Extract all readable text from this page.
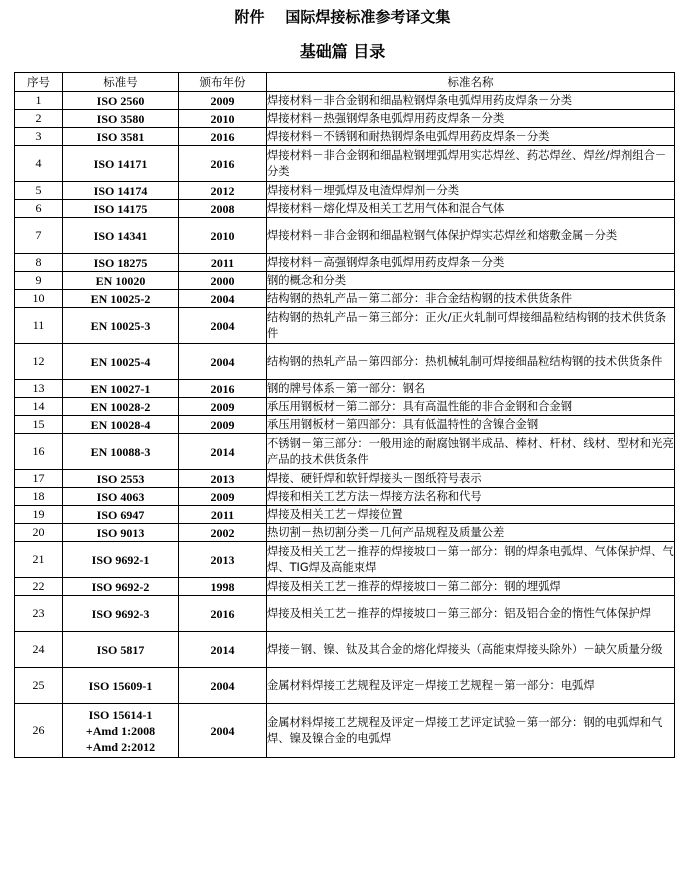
附件    国际焊接标准参考译文集
基础篇 目录
序号	标准号	颁布年份	标准名称
1	ISO 2560	2009	焊接材料－非合金钢和细晶粒钢焊条电弧焊用药皮焊条－分类
2	ISO 3580	2010	焊接材料－热强钢焊条电弧焊用药皮焊条－分类
3	ISO 3581	2016	焊接材料－不锈钢和耐热钢焊条电弧焊用药皮焊条－分类
4	ISO 14171	2016	焊接材料－非合金钢和细晶粒钢埋弧焊用实芯焊丝、药芯焊丝、焊丝/焊剂组合－分类
5	ISO 14174	2012	焊接材料－埋弧焊及电渣焊焊剂－分类
6	ISO 14175	2008	焊接材料－熔化焊及相关工艺用气体和混合气体
7	ISO 14341	2010	焊接材料－非合金钢和细晶粒钢气体保护焊实芯焊丝和熔敷金属－分类
8	ISO 18275	2011	焊接材料－高强钢焊条电弧焊用药皮焊条－分类
9	EN 10020	2000	钢的概念和分类
10	EN 10025-2	2004	结构钢的热轧产品－第二部分：非合金结构钢的技术供货条件
11	EN 10025-3	2004	结构钢的热轧产品－第三部分：正火/正火轧制可焊接细晶粒结构钢的技术供货条件
12	EN 10025-4	2004	结构钢的热轧产品－第四部分：热机械轧制可焊接细晶粒结构钢的技术供货条件
13	EN 10027-1	2016	钢的牌号体系－第一部分：钢名
14	EN 10028-2	2009	承压用钢板材－第二部分：具有高温性能的非合金钢和合金钢
15	EN 10028-4	2009	承压用钢板材－第四部分：具有低温特性的含镍合金钢
16	EN 10088-3	2014	不锈钢－第三部分：一般用途的耐腐蚀钢半成品、棒材、杆材、线材、型材和光亮产品的技术供货条件
17	ISO 2553	2013	焊接、硬钎焊和软钎焊接头－图纸符号表示
18	ISO 4063	2009	焊接和相关工艺方法－焊接方法名称和代号
19	ISO 6947	2011	焊接及相关工艺－焊接位置
20	ISO 9013	2002	热切割－热切割分类－几何产品规程及质量公差
21	ISO 9692-1	2013	焊接及相关工艺－推荐的焊接坡口－第一部分：钢的焊条电弧焊、气体保护焊、气焊、TIG焊及高能束焊
22	ISO 9692-2	1998	焊接及相关工艺－推荐的焊接坡口－第二部分：钢的埋弧焊
23	ISO 9692-3	2016	焊接及相关工艺－推荐的焊接坡口－第三部分：铝及铝合金的惰性气体保护焊
24	ISO 5817	2014	焊接－钢、镍、钛及其合金的熔化焊接头（高能束焊接头除外）－缺欠质量分级
25	ISO 15609-1	2004	金属材料焊接工艺规程及评定－焊接工艺规程－第一部分：电弧焊
26	ISO 15614-1
+Amd 1:2008
+Amd 2:2012	2004	金属材料焊接工艺规程及评定－焊接工艺评定试验－第一部分：钢的电弧焊和气焊、镍及镍合金的电弧焊
